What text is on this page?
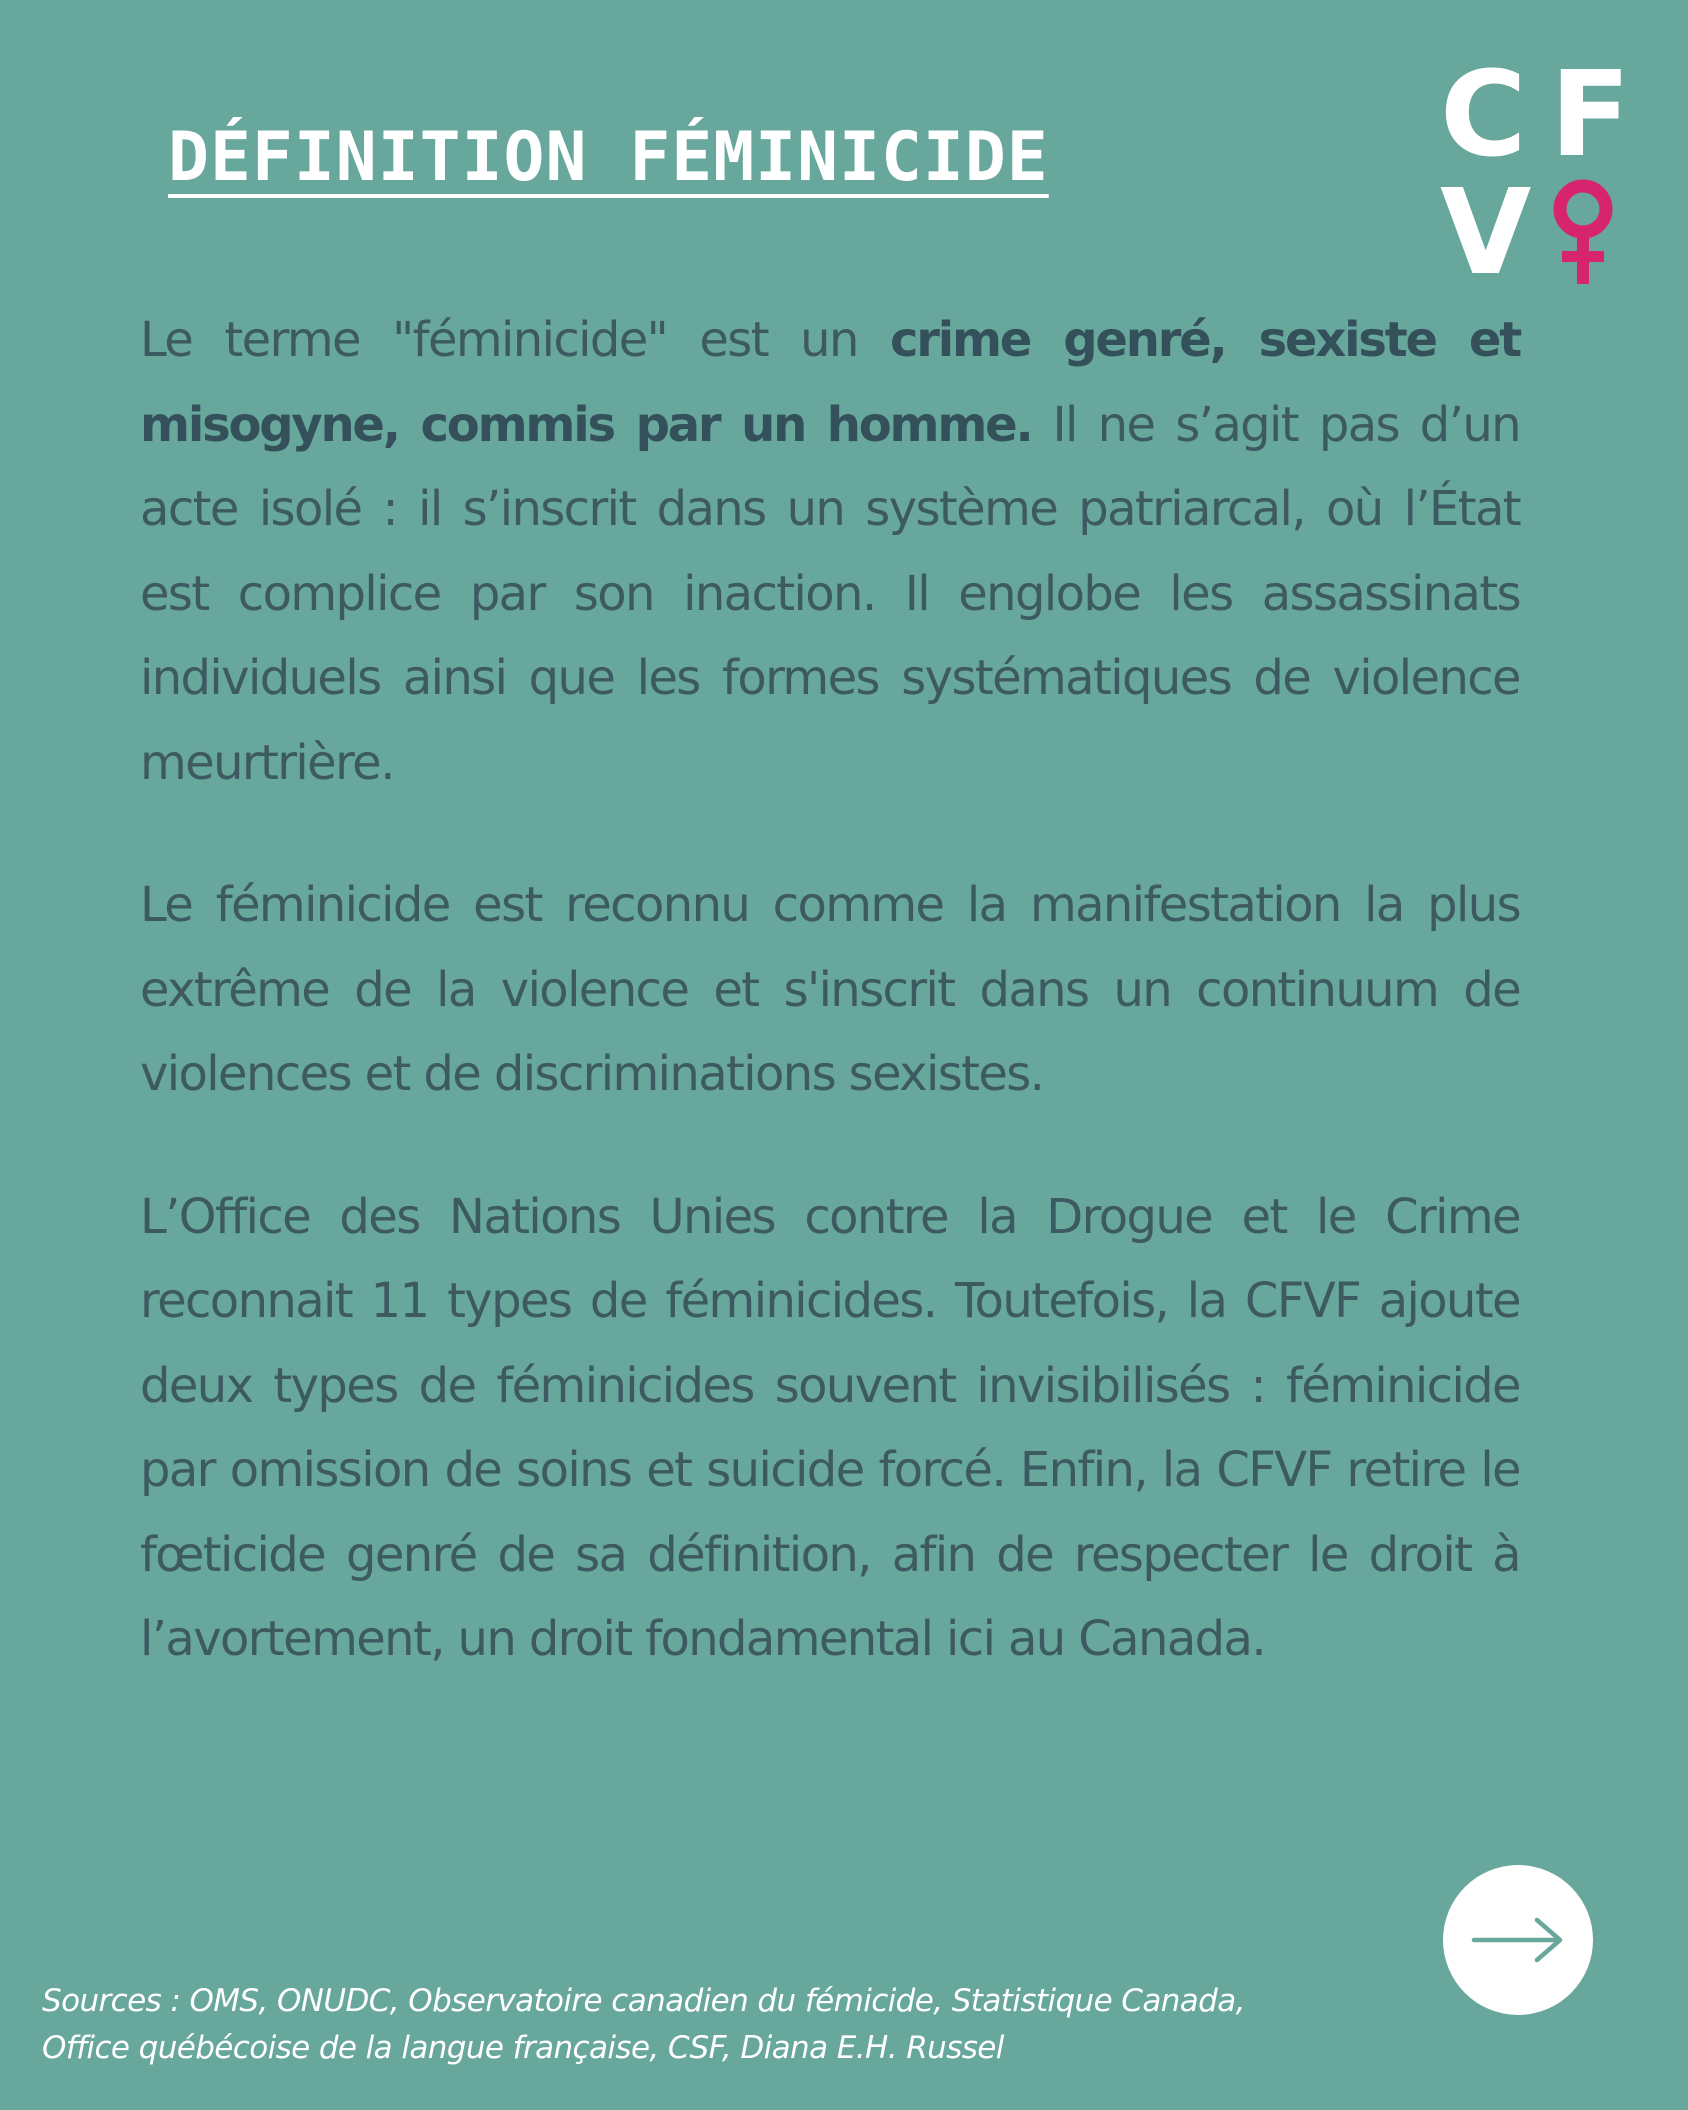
DÉFINITION FÉMINICIDE	C F
V

Le terme "féminicide" est un crime genré, sexiste et misogyne, commis par un homme. Il ne s’agit pas d’un acte isolé : il s’inscrit dans un système patriarcal, où l’État est complice par son inaction. Il englobe les assassinats individuels ainsi que les formes systématiques de violence meurtrière.

Le féminicide est reconnu comme la manifestation la plus extrême de la violence et s'inscrit dans un continuum de violences et de discriminations sexistes.

L’Office des Nations Unies contre la Drogue et le Crime reconnait 11 types de féminicides. Toutefois, la CFVF ajoute deux types de féminicides souvent invisibilisés : féminicide par omission de soins et suicide forcé. Enfin, la CFVF retire le fœticide genré de sa définition, afin de respecter le droit à l’avortement, un droit fondamental ici au Canada.

Sources : OMS, ONUDC, Observatoire canadien du fémicide, Statistique Canada,
Office québécoise de la langue française, CSF, Diana E.H. Russel
